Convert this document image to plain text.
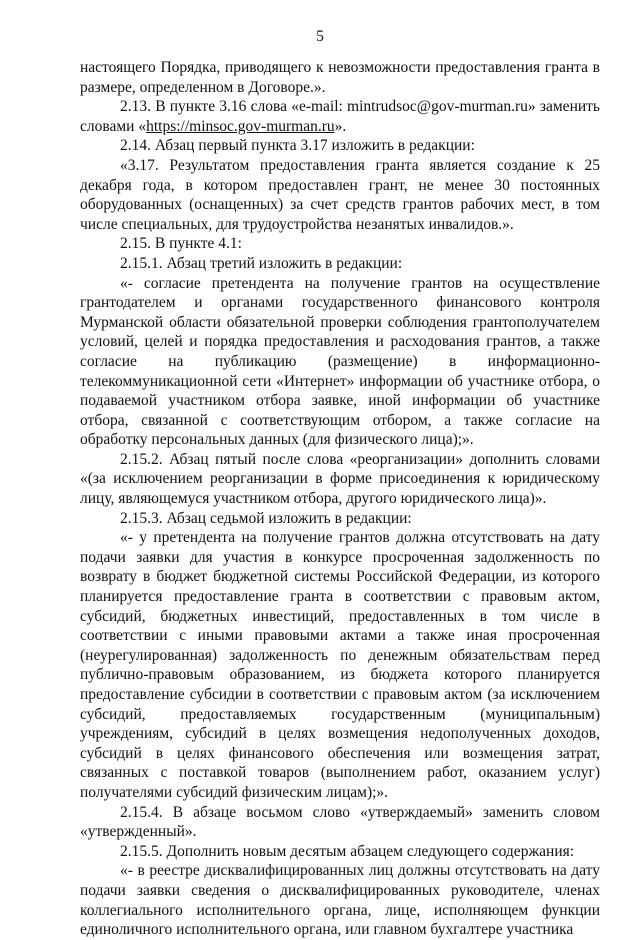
5

настоящего Порядка, приводящего к невозможности предоставления гранта в размере, определенном в Договоре.».

2.13. В пункте 3.16 слова «e-mail: mintrudsoc@gov-murman.ru» заменить словами «https://minsoc.gov-murman.ru».

2.14. Абзац первый пункта 3.17 изложить в редакции:

«3.17. Результатом предоставления гранта является создание к 25 декабря года, в котором предоставлен грант, не менее 30 постоянных оборудованных (оснащенных) за счет средств грантов рабочих мест, в том числе специальных, для трудоустройства незанятых инвалидов.».

2.15. В пункте 4.1:

2.15.1. Абзац третий изложить в редакции:

«- согласие претендента на получение грантов на осуществление грантодателем и органами государственного финансового контроля Мурманской области обязательной проверки соблюдения грантополучателем условий, целей и порядка предоставления и расходования грантов, а также согласие на публикацию (размещение) в информационно-телекоммуникационной сети «Интернет» информации об участнике отбора, о подаваемой участником отбора заявке, иной информации об участнике отбора, связанной с соответствующим отбором, а также согласие на обработку персональных данных (для физического лица);».

2.15.2. Абзац пятый после слова «реорганизации» дополнить словами «(за исключением реорганизации в форме присоединения к юридическому лицу, являющемуся участником отбора, другого юридического лица)».

2.15.3. Абзац седьмой изложить в редакции:

«- у претендента на получение грантов должна отсутствовать на дату подачи заявки для участия в конкурсе просроченная задолженность по возврату в бюджет бюджетной системы Российской Федерации, из которого планируется предоставление гранта в соответствии с правовым актом, субсидий, бюджетных инвестиций, предоставленных в том числе в соответствии с иными правовыми актами а также иная просроченная (неурегулированная) задолженность по денежным обязательствам перед публично-правовым образованием, из бюджета которого планируется предоставление субсидии в соответствии с правовым актом (за исключением субсидий, предоставляемых государственным (муниципальным) учреждениям, субсидий в целях возмещения недополученных доходов, субсидий в целях финансового обеспечения или возмещения затрат, связанных с поставкой товаров (выполнением работ, оказанием услуг) получателями субсидий физическим лицам);».

2.15.4. В абзаце восьмом слово «утверждаемый» заменить словом «утвержденный».

2.15.5. Дополнить новым десятым абзацем следующего содержания:

«- в реестре дисквалифицированных лиц должны отсутствовать на дату подачи заявки сведения о дисквалифицированных руководителе, членах коллегиального исполнительного органа, лице, исполняющем функции единоличного исполнительного органа, или главном бухгалтере участника
